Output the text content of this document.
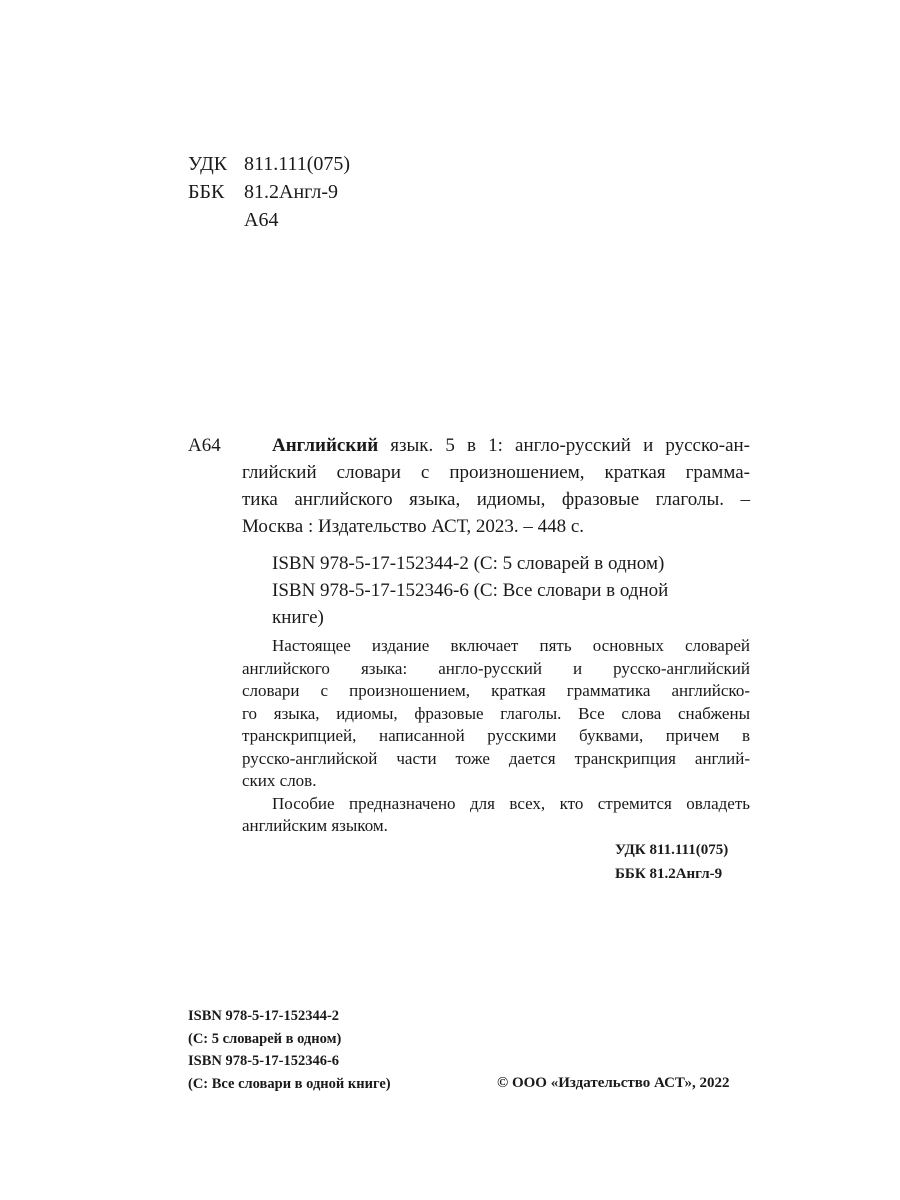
УДК 811.111(075)
ББК 81.2Англ-9
А64
А64	Английский язык. 5 в 1: англо-русский и русско-ан-
глийский словари с произношением, краткая грамма-
тика английского языка, идиомы, фразовые глаголы. –
Москва : Издательство АСТ, 2023. – 448 с.
ISBN 978-5-17-152344-2 (С: 5 словарей в одном)
ISBN 978-5-17-152346-6 (С: Все словари в одной
книге)
Настоящее издание включает пять основных словарей
английского языка: англо-русский и русско-английский
словари с произношением, краткая грамматика английско-
го языка, идиомы, фразовые глаголы. Все слова снабжены
транскрипцией, написанной русскими буквами, причем в
русско-английской части тоже дается транскрипция англий-
ских слов.
Пособие предназначено для всех, кто стремится овладеть
английским языком.
УДК 811.111(075)
ББК 81.2Англ-9
ISBN 978-5-17-152344-2
(С: 5 словарей в одном)
ISBN 978-5-17-152346-6
(С: Все словари в одной книге)	© ООО «Издательство АСТ», 2022
